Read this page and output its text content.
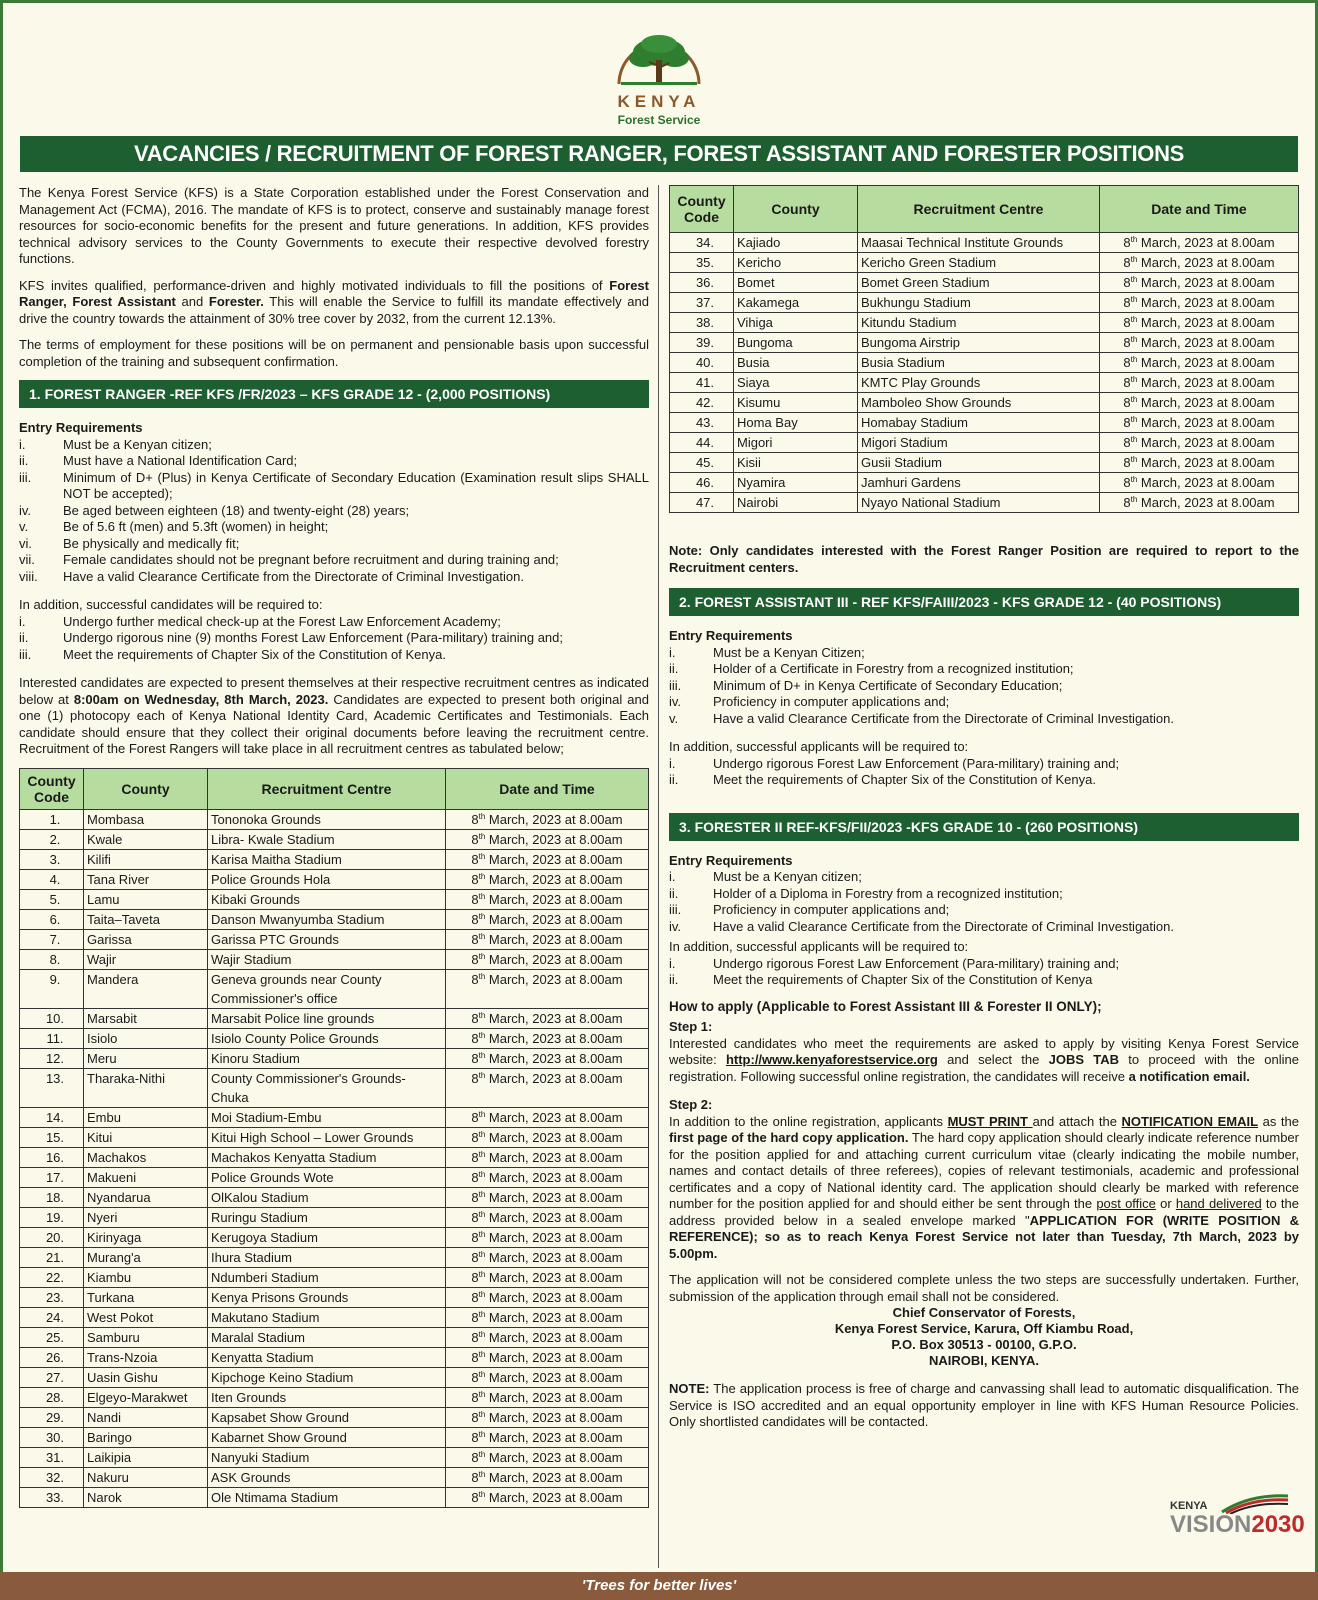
KENYA
Forest Service
VACANCIES / RECRUITMENT OF FOREST RANGER, FOREST ASSISTANT AND FORESTER POSITIONS

The Kenya Forest Service (KFS) is a State Corporation established under the Forest Conservation and Management Act (FCMA), 2016. The mandate of KFS is to protect, conserve and sustainably manage forest resources for socio-economic benefits for the present and future generations. In addition, KFS provides technical advisory services to the County Governments to execute their respective devolved forestry functions.

KFS invites qualified, performance-driven and highly motivated individuals to fill the positions of Forest Ranger, Forest Assistant and Forester. This will enable the Service to fulfill its mandate effectively and drive the country towards the attainment of 30% tree cover by 2032, from the current 12.13%.

The terms of employment for these positions will be on permanent and pensionable basis upon successful completion of the training and subsequent confirmation.

1. FOREST RANGER -REF KFS /FR/2023 – KFS GRADE 12 - (2,000 POSITIONS)
Entry Requirements
i.	Must be a Kenyan citizen;
ii.	Must have a National Identification Card;
iii.	Minimum of D+ (Plus) in Kenya Certificate of Secondary Education (Examination result slips SHALL NOT be accepted);
iv.	Be aged between eighteen (18) and twenty-eight (28) years;
v.	Be of 5.6 ft (men) and 5.3ft (women) in height;
vi.	Be physically and medically fit;
vii.	Female candidates should not be pregnant before recruitment and during training and;
viii.	Have a valid Clearance Certificate from the Directorate of Criminal Investigation.
In addition, successful candidates will be required to:
i.	Undergo further medical check-up at the Forest Law Enforcement Academy;
ii.	Undergo rigorous nine (9) months Forest Law Enforcement (Para-military) training and;
iii.	Meet the requirements of Chapter Six of the Constitution of Kenya.

Interested candidates are expected to present themselves at their respective recruitment centres as indicated below at 8:00am on Wednesday, 8th March, 2023. Candidates are expected to present both original and one (1) photocopy each of Kenya National Identity Card, Academic Certificates and Testimonials. Each candidate should ensure that they collect their original documents before leaving the recruitment centre. Recruitment of the Forest Rangers will take place in all recruitment centres as tabulated below;

County Code	County	Recruitment Centre	Date and Time
1.	Mombasa	Tononoka Grounds	8th March, 2023 at 8.00am
2.	Kwale	Libra- Kwale Stadium	8th March, 2023 at 8.00am
3.	Kilifi	Karisa Maitha Stadium	8th March, 2023 at 8.00am
4.	Tana River	Police Grounds Hola	8th March, 2023 at 8.00am
5.	Lamu	Kibaki Grounds	8th March, 2023 at 8.00am
6.	Taita–Taveta	Danson Mwanyumba Stadium	8th March, 2023 at 8.00am
7.	Garissa	Garissa PTC Grounds	8th March, 2023 at 8.00am
8.	Wajir	Wajir Stadium	8th March, 2023 at 8.00am
9.	Mandera	Geneva grounds near County Commissioner's office	8th March, 2023 at 8.00am
10.	Marsabit	Marsabit Police line grounds	8th March, 2023 at 8.00am
11.	Isiolo	Isiolo County Police Grounds	8th March, 2023 at 8.00am
12.	Meru	Kinoru Stadium	8th March, 2023 at 8.00am
13.	Tharaka-Nithi	County Commissioner's Grounds- Chuka	8th March, 2023 at 8.00am
14.	Embu	Moi Stadium-Embu	8th March, 2023 at 8.00am
15.	Kitui	Kitui High School – Lower Grounds	8th March, 2023 at 8.00am
16.	Machakos	Machakos Kenyatta Stadium	8th March, 2023 at 8.00am
17.	Makueni	Police Grounds Wote	8th March, 2023 at 8.00am
18.	Nyandarua	OlKalou Stadium	8th March, 2023 at 8.00am
19.	Nyeri	Ruringu Stadium	8th March, 2023 at 8.00am
20.	Kirinyaga	Kerugoya Stadium	8th March, 2023 at 8.00am
21.	Murang'a	Ihura Stadium	8th March, 2023 at 8.00am
22.	Kiambu	Ndumberi Stadium	8th March, 2023 at 8.00am
23.	Turkana	Kenya Prisons Grounds	8th March, 2023 at 8.00am
24.	West Pokot	Makutano Stadium	8th March, 2023 at 8.00am
25.	Samburu	Maralal Stadium	8th March, 2023 at 8.00am
26.	Trans-Nzoia	Kenyatta Stadium	8th March, 2023 at 8.00am
27.	Uasin Gishu	Kipchoge Keino Stadium	8th March, 2023 at 8.00am
28.	Elgeyo-Marakwet	Iten Grounds	8th March, 2023 at 8.00am
29.	Nandi	Kapsabet Show Ground	8th March, 2023 at 8.00am
30.	Baringo	Kabarnet Show Ground	8th March, 2023 at 8.00am
31.	Laikipia	Nanyuki Stadium	8th March, 2023 at 8.00am
32.	Nakuru	ASK Grounds	8th March, 2023 at 8.00am
33.	Narok	Ole Ntimama Stadium	8th March, 2023 at 8.00am
County Code	County	Recruitment Centre	Date and Time
34.	Kajiado	Maasai Technical Institute Grounds	8th March, 2023 at 8.00am
35.	Kericho	Kericho Green Stadium	8th March, 2023 at 8.00am
36.	Bomet	Bomet Green Stadium	8th March, 2023 at 8.00am
37.	Kakamega	Bukhungu Stadium	8th March, 2023 at 8.00am
38.	Vihiga	Kitundu Stadium	8th March, 2023 at 8.00am
39.	Bungoma	Bungoma Airstrip	8th March, 2023 at 8.00am
40.	Busia	Busia Stadium	8th March, 2023 at 8.00am
41.	Siaya	KMTC Play Grounds	8th March, 2023 at 8.00am
42.	Kisumu	Mamboleo Show Grounds	8th March, 2023 at 8.00am
43.	Homa Bay	Homabay Stadium	8th March, 2023 at 8.00am
44.	Migori	Migori Stadium	8th March, 2023 at 8.00am
45.	Kisii	Gusii Stadium	8th March, 2023 at 8.00am
46.	Nyamira	Jamhuri Gardens	8th March, 2023 at 8.00am
47.	Nairobi	Nyayo National Stadium	8th March, 2023 at 8.00am

Note: Only candidates interested with the Forest Ranger Position are required to report to the Recruitment centers.

2. FOREST ASSISTANT III - REF KFS/FAIII/2023 - KFS GRADE 12 - (40 POSITIONS)
Entry Requirements
i.	Must be a Kenyan Citizen;
ii.	Holder of a Certificate in Forestry from a recognized institution;
iii.	Minimum of D+ in Kenya Certificate of Secondary Education;
iv.	Proficiency in computer applications and;
v.	Have a valid Clearance Certificate from the Directorate of Criminal Investigation.
In addition, successful applicants will be required to:
i.	Undergo rigorous Forest Law Enforcement (Para-military) training and;
ii.	Meet the requirements of Chapter Six of the Constitution of Kenya.
3. FORESTER II REF-KFS/FII/2023 -KFS GRADE 10 - (260 POSITIONS)
Entry Requirements
i.	Must be a Kenyan citizen;
ii.	Holder of a Diploma in Forestry from a recognized institution;
iii.	Proficiency in computer applications and;
iv.	Have a valid Clearance Certificate from the Directorate of Criminal Investigation.
In addition, successful applicants will be required to:
i.	Undergo rigorous Forest Law Enforcement (Para-military) training and;
ii.	Meet the requirements of Chapter Six of the Constitution of Kenya
How to apply (Applicable to Forest Assistant III & Forester II ONLY);
Step 1:

Interested candidates who meet the requirements are asked to apply by visiting Kenya Forest Service website: http://www.kenyaforestservice.org and select the JOBS TAB to proceed with the online registration. Following successful online registration, the candidates will receive a notification email.

Step 2:

In addition to the online registration, applicants MUST PRINT and attach the NOTIFICATION EMAIL as the first page of the hard copy application. The hard copy application should clearly indicate reference number for the position applied for and attaching current curriculum vitae (clearly indicating the mobile number, names and contact details of three referees), copies of relevant testimonials, academic and professional certificates and a copy of National identity card. The application should clearly be marked with reference number for the position applied for and should either be sent through the post office or hand delivered to the address provided below in a sealed envelope marked "APPLICATION FOR (WRITE POSITION & REFERENCE); so as to reach Kenya Forest Service not later than Tuesday, 7th March, 2023 by 5.00pm.

The application will not be considered complete unless the two steps are successfully undertaken. Further, submission of the application through email shall not be considered.

Chief Conservator of Forests,
Kenya Forest Service, Karura, Off Kiambu Road,
P.O. Box 30513 - 00100, G.P.O.
NAIROBI, KENYA.

NOTE: The application process is free of charge and canvassing shall lead to automatic disqualification. The Service is ISO accredited and an equal opportunity employer in line with KFS Human Resource Policies. Only shortlisted candidates will be contacted.

KENYA
VISION2030
'Trees for better lives'
